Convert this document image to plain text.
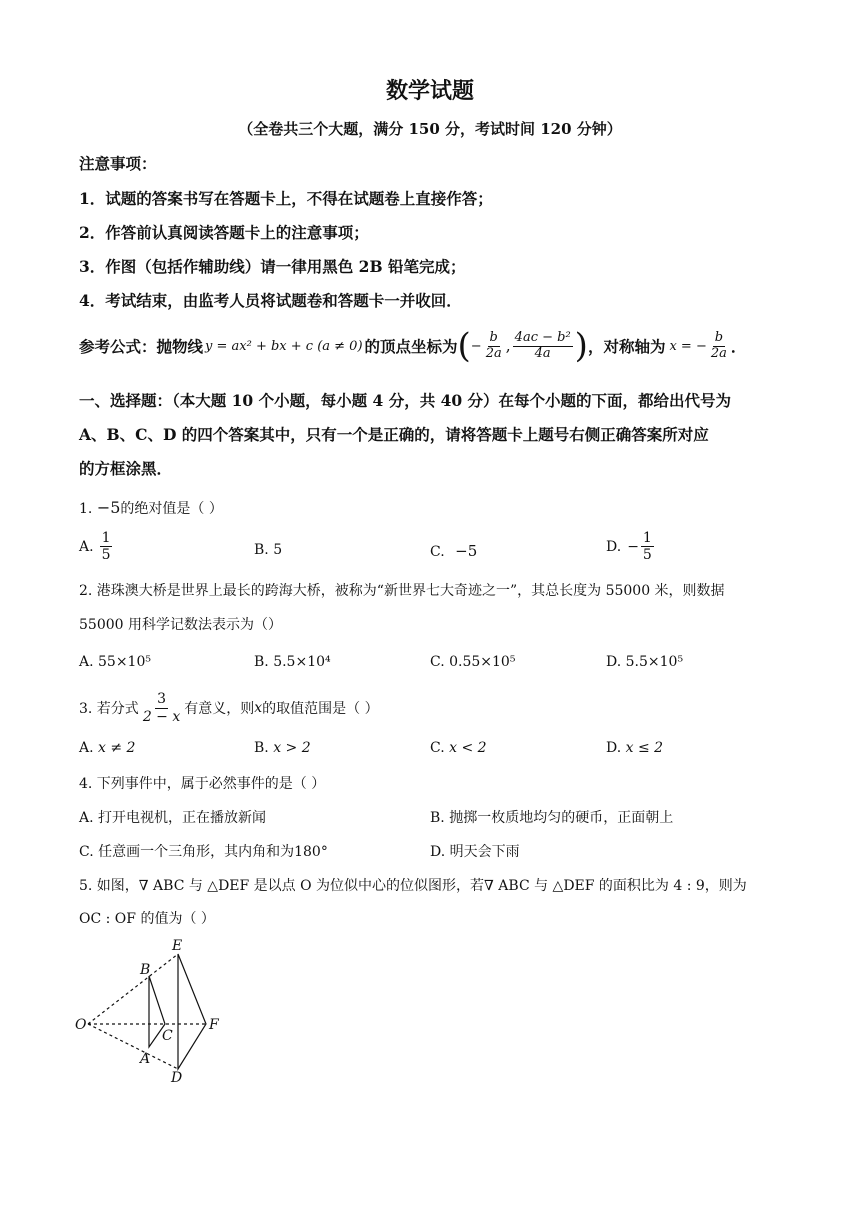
数学试题
（全卷共三个大题，满分 150 分，考试时间 120 分钟）
注意事项：
1．试题的答案书写在答题卡上，不得在试题卷上直接作答；
2．作答前认真阅读答题卡上的注意事项；
3．作图（包括作辅助线）请一律用黑色 2B 铅笔完成；
4．考试结束，由监考人员将试题卷和答题卡一并收回．
参考公式：抛物线 y = ax² + bx + c (a ≠ 0) 的顶点坐标为 ( − $\frac{b}{2a}$ , $\frac{\text{4ac − b²}}{4a}$ ) ，对称轴为 x = − $\frac{b}{2a}$ ．
一、选择题：（本大题 10 个小题，每小题 4 分，共 40 分）在每个小题的下面，都给出代号为
A、B、C、D 的四个答案其中，只有一个是正确的，请将答题卡上题号右侧正确答案所对应
的方框涂黑．
1. −5的绝对值是（ ）
A. $\frac{1}{5}$	B. 5	C. −5	D. − $\frac{1}{5}$
2. 港珠澳大桥是世界上最长的跨海大桥，被称为“新世界七大奇迹之一”，其总长度为 55000 米，则数据
55000 用科学记数法表示为（）
A. 55×10⁵	B. 5.5×10⁴	C. 0.55×10⁵	D. 5.5×10⁵
3. 若分式 $\frac{3}{2 - x}$ 有意义，则 x 的取值范围是（ ）
A. x ≠ 2	B. x > 2	C. x < 2	D. x ≤ 2
4. 下列事件中，属于必然事件的是（ ）
A. 打开电视机，正在播放新闻	B. 抛掷一枚质地均匀的硬币，正面朝上
C. 任意画一个三角形，其内角和为180°	D. 明天会下雨
5. 如图，∇ ABC 与 △DEF 是以点 O 为位似中心的位似图形，若∇ ABC 与 △DEF 的面积比为 4 : 9，则为
OC : OF 的值为（ ）
E
B
O
C
F
A
D
